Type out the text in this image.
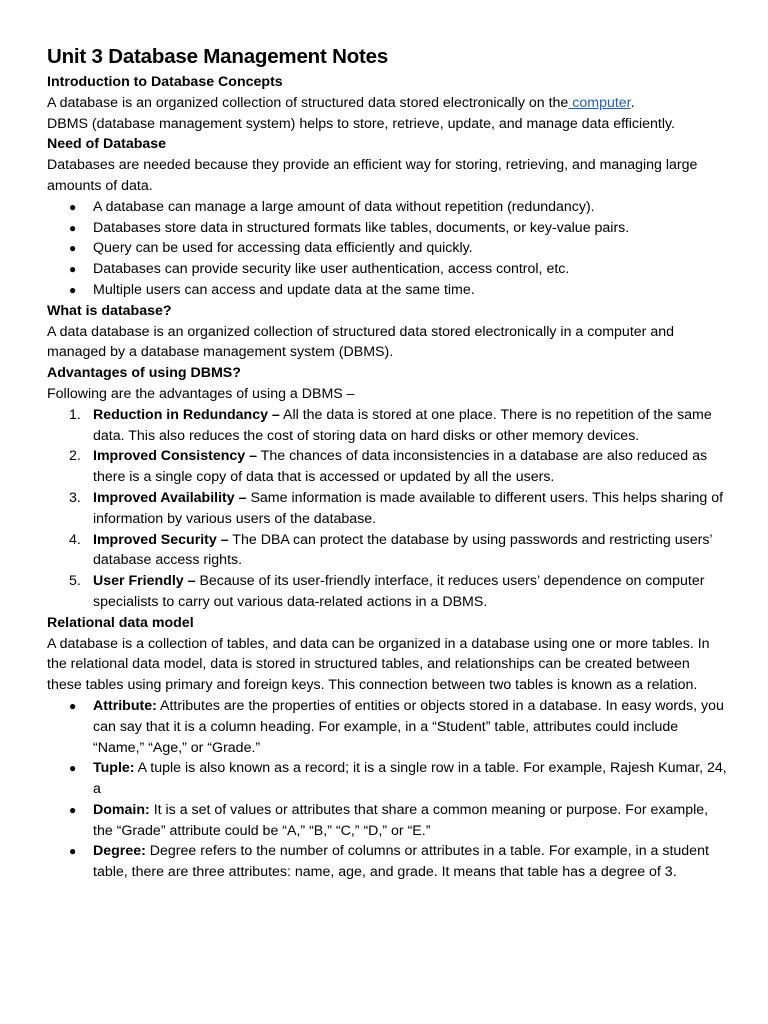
Unit 3 Database Management Notes
Introduction to Database Concepts

A database is an organized collection of structured data stored electronically on the computer.

DBMS (database management system) helps to store, retrieve, update, and manage data efficiently.

Need of Database

Databases are needed because they provide an efficient way for storing, retrieving, and managing large amounts of data.

● A database can manage a large amount of data without repetition (redundancy).
● Databases store data in structured formats like tables, documents, or key-value pairs.
● Query can be used for accessing data efficiently and quickly.
● Databases can provide security like user authentication, access control, etc.
● Multiple users can access and update data at the same time.
What is database?

A data database is an organized collection of structured data stored electronically in a computer and managed by a database management system (DBMS).

Advantages of using DBMS?

Following are the advantages of using a DBMS –

1. Reduction in Redundancy – All the data is stored at one place. There is no repetition of the same data. This also reduces the cost of storing data on hard disks or other memory devices.
2. Improved Consistency – The chances of data inconsistencies in a database are also reduced as there is a single copy of data that is accessed or updated by all the users.
3. Improved Availability – Same information is made available to different users. This helps sharing of information by various users of the database.
4. Improved Security – The DBA can protect the database by using passwords and restricting users’ database access rights.
5. User Friendly – Because of its user-friendly interface, it reduces users’ dependence on computer specialists to carry out various data-related actions in a DBMS.
Relational data model

A database is a collection of tables, and data can be organized in a database using one or more tables. In the relational data model, data is stored in structured tables, and relationships can be created between these tables using primary and foreign keys. This connection between two tables is known as a relation.

● Attribute: Attributes are the properties of entities or objects stored in a database. In easy words, you can say that it is a column heading. For example, in a “Student” table, attributes could include “Name,” “Age,” or “Grade.”
● Tuple: A tuple is also known as a record; it is a single row in a table. For example, Rajesh Kumar, 24, a
● Domain: It is a set of values or attributes that share a common meaning or purpose. For example, the “Grade” attribute could be “A,” “B,” “C,” “D,” or “E.”
● Degree: Degree refers to the number of columns or attributes in a table. For example, in a student table, there are three attributes: name, age, and grade. It means that table has a degree of 3.
